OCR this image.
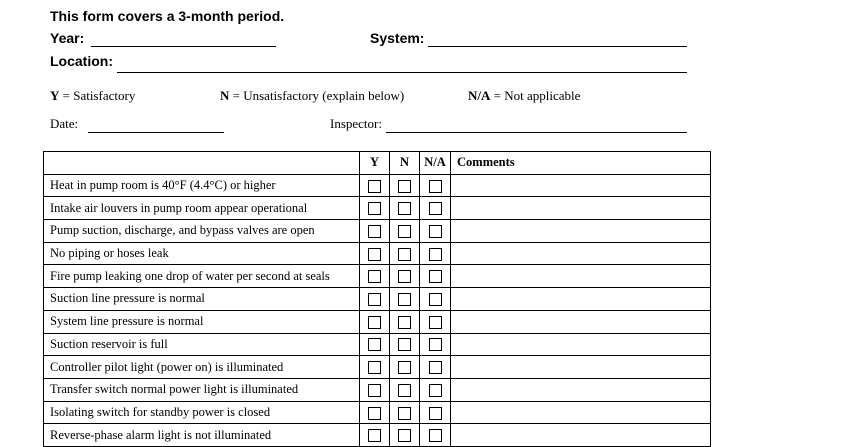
This form covers a 3-month period.
Year:	System:
Location:
Y = Satisfactory	N = Unsatisfactory (explain below)	N/A = Not applicable
Date:	Inspector:
	Y	N	N/A	Comments
Heat in pump room is 40°F (4.4°C) or higher				
Intake air louvers in pump room appear operational				
Pump suction, discharge, and bypass valves are open				
No piping or hoses leak				
Fire pump leaking one drop of water per second at seals				
Suction line pressure is normal				
System line pressure is normal				
Suction reservoir is full				
Controller pilot light (power on) is illuminated				
Transfer switch normal power light is illuminated				
Isolating switch for standby power is closed				
Reverse-phase alarm light is not illuminated				
